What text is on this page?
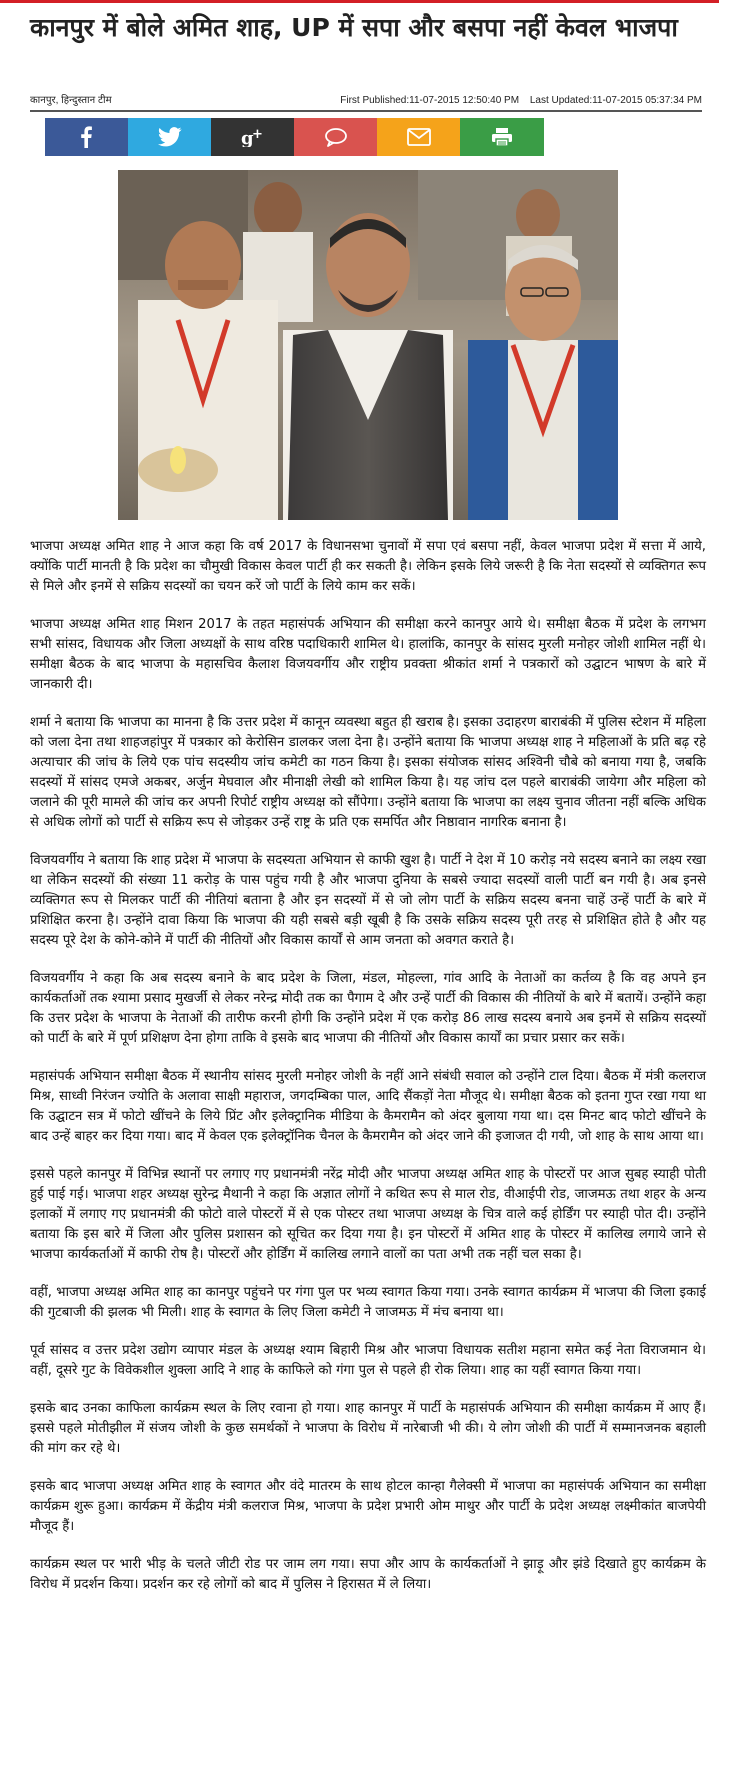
कानपुर में बोले अमित शाह, UP में सपा और बसपा नहीं केवल भाजपा
कानपुर, हिन्दुस्तान टीम	First Published:11-07-2015 12:50:40 PM Last Updated:11-07-2015 05:37:34 PM
g
+

भाजपा अध्यक्ष अमित शाह ने आज कहा कि वर्ष 2017 के विधानसभा चुनावों में सपा एवं बसपा नहीं, केवल भाजपा प्रदेश में सत्ता में आये, क्योंकि पार्टी मानती है कि प्रदेश का चौमुखी विकास केवल पार्टी ही कर सकती है। लेकिन इसके लिये जरूरी है कि नेता सदस्यों से व्यक्तिगत रूप से मिले और इनमें से सक्रिय सदस्यों का चयन करें जो पार्टी के लिये काम कर सकें।

भाजपा अध्यक्ष अमित शाह मिशन 2017 के तहत महासंपर्क अभियान की समीक्षा करने कानपुर आये थे। समीक्षा बैठक में प्रदेश के लगभग सभी सांसद, विधायक और जिला अध्यक्षों के साथ वरिष्ठ पदाधिकारी शामिल थे। हालांकि, कानपुर के सांसद मुरली मनोहर जोशी शामिल नहीं थे। समीक्षा बैठक के बाद भाजपा के महासचिव कैलाश विजयवर्गीय और राष्ट्रीय प्रवक्ता श्रीकांत शर्मा ने पत्रकारों को उद्घाटन भाषण के बारे में जानकारी दी।

शर्मा ने बताया कि भाजपा का मानना है कि उत्तर प्रदेश में कानून व्यवस्था बहुत ही खराब है। इसका उदाहरण बाराबंकी में पुलिस स्टेशन में महिला को जला देना तथा शाहजहांपुर में पत्रकार को केरोसिन डालकर जला देना है। उन्होंने बताया कि भाजपा अध्यक्ष शाह ने महिलाओं के प्रति बढ़ रहे अत्याचार की जांच के लिये एक पांच सदस्यीय जांच कमेटी का गठन किया है। इसका संयोजक सांसद अश्विनी चौबे को बनाया गया है, जबकि सदस्यों में सांसद एमजे अकबर, अर्जुन मेघवाल और मीनाक्षी लेखी को शामिल किया है। यह जांच दल पहले बाराबंकी जायेगा और महिला को जलाने की पूरी मामले की जांच कर अपनी रिपोर्ट राष्ट्रीय अध्यक्ष को सौंपेगा। उन्होंने बताया कि भाजपा का लक्ष्य चुनाव जीतना नहीं बल्कि अधिक से अधिक लोगों को पार्टी से सक्रिय रूप से जोड़कर उन्हें राष्ट्र के प्रति एक समर्पित और निष्ठावान नागरिक बनाना है।

विजयवर्गीय ने बताया कि शाह प्रदेश में भाजपा के सदस्यता अभियान से काफी खुश है। पार्टी ने देश में 10 करोड़ नये सदस्य बनाने का लक्ष्य रखा था लेकिन सदस्यों की संख्या 11 करोड़ के पास पहुंच गयी है और भाजपा दुनिया के सबसे ज्यादा सदस्यों वाली पार्टी बन गयी है। अब इनसे व्यक्तिगत रूप से मिलकर पार्टी की नीतियां बताना है और इन सदस्यों में से जो लोग पार्टी के सक्रिय सदस्य बनना चाहें उन्हें पार्टी के बारे में प्रशिक्षित करना है। उन्होंने दावा किया कि भाजपा की यही सबसे बड़ी खूबी है कि उसके सक्रिय सदस्य पूरी तरह से प्रशिक्षित होते है और यह सदस्य पूरे देश के कोने-कोने में पार्टी की नीतियों और विकास कार्यों से आम जनता को अवगत कराते है।

विजयवर्गीय ने कहा कि अब सदस्य बनाने के बाद प्रदेश के जिला, मंडल, मोहल्ला, गांव आदि के नेताओं का कर्तव्य है कि वह अपने इन कार्यकर्ताओं तक श्यामा प्रसाद मुखर्जी से लेकर नरेन्द्र मोदी तक का पैगाम दे और उन्हें पार्टी की विकास की नीतियों के बारे में बतायें। उन्होंने कहा कि उत्तर प्रदेश के भाजपा के नेताओं की तारीफ करनी होगी कि उन्होंने प्रदेश में एक करोड़ 86 लाख सदस्य बनाये अब इनमें से सक्रिय सदस्यों को पार्टी के बारे में पूर्ण प्रशिक्षण देना होगा ताकि वे इसके बाद भाजपा की नीतियों और विकास कार्यों का प्रचार प्रसार कर सकें।

महासंपर्क अभियान समीक्षा बैठक में स्थानीय सांसद मुरली मनोहर जोशी के नहीं आने संबंधी सवाल को उन्होंने टाल दिया। बैठक में मंत्री कलराज मिश्र, साध्वी निरंजन ज्योति के अलावा साक्षी महाराज, जगदम्बिका पाल, आदि सैंकड़ों नेता मौजूद थे। समीक्षा बैठक को इतना गुप्त रखा गया था कि उद्घाटन सत्र में फोटो खींचने के लिये प्रिंट और इलेक्ट्रानिक मीडिया के कैमरामैन को अंदर बुलाया गया था। दस मिनट बाद फोटो खींचने के बाद उन्हें बाहर कर दिया गया। बाद में केवल एक इलेक्ट्रॉनिक चैनल के कैमरामैन को अंदर जाने की इजाजत दी गयी, जो शाह के साथ आया था।

इससे पहले कानपुर में विभिन्न स्थानों पर लगाए गए प्रधानमंत्री नरेंद्र मोदी और भाजपा अध्यक्ष अमित शाह के पोस्टरों पर आज सुबह स्याही पोती हुई पाई गई। भाजपा शहर अध्यक्ष सुरेन्द्र मैथानी ने कहा कि अज्ञात लोगों ने कथित रूप से माल रोड, वीआईपी रोड, जाजमऊ तथा शहर के अन्य इलाकों में लगाए गए प्रधानमंत्री की फोटो वाले पोस्टरों में से एक पोस्टर तथा भाजपा अध्यक्ष के चित्र वाले कई होर्डिंग पर स्याही पोत दी। उन्होंने बताया कि इस बारे में जिला और पुलिस प्रशासन को सूचित कर दिया गया है। इन पोस्टरों में अमित शाह के पोस्टर में कालिख लगाये जाने से भाजपा कार्यकर्ताओं में काफी रोष है। पोस्टरों और होर्डिंग में कालिख लगाने वालों का पता अभी तक नहीं चल सका है।

वहीं, भाजपा अध्यक्ष अमित शाह का कानपुर पहुंचने पर गंगा पुल पर भव्य स्वागत किया गया। उनके स्वागत कार्यक्रम में भाजपा की जिला इकाई की गुटबाजी की झलक भी मिली। शाह के स्वागत के लिए जिला कमेटी ने जाजमऊ में मंच बनाया था।

पूर्व सांसद व उत्तर प्रदेश उद्योग व्यापार मंडल के अध्यक्ष श्याम बिहारी मिश्र और भाजपा विधायक सतीश महाना समेत कई नेता विराजमान थे। वहीं, दूसरे गुट के विवेकशील शुक्ला आदि ने शाह के काफिले को गंगा पुल से पहले ही रोक लिया। शाह का यहीं स्वागत किया गया।

इसके बाद उनका काफिला कार्यक्रम स्थल के लिए रवाना हो गया। शाह कानपुर में पार्टी के महासंपर्क अभियान की समीक्षा कार्यक्रम में आए हैं। इससे पहले मोतीझील में संजय जोशी के कुछ समर्थकों ने भाजपा के विरोध में नारेबाजी भी की। ये लोग जोशी की पार्टी में सम्मानजनक बहाली की मांग कर रहे थे।

इसके बाद भाजपा अध्यक्ष अमित शाह के स्वागत और वंदे मातरम के साथ होटल कान्हा गैलेक्सी में भाजपा का महासंपर्क अभियान का समीक्षा कार्यक्रम शुरू हुआ। कार्यक्रम में केंद्रीय मंत्री कलराज मिश्र, भाजपा के प्रदेश प्रभारी ओम माथुर और पार्टी के प्रदेश अध्यक्ष लक्ष्मीकांत बाजपेयी मौजूद हैं।

कार्यक्रम स्थल पर भारी भीड़ के चलते जीटी रोड पर जाम लग गया। सपा और आप के कार्यकर्ताओं ने झाड़ू और झंडे दिखाते हुए कार्यक्रम के विरोध में प्रदर्शन किया। प्रदर्शन कर रहे लोगों को बाद में पुलिस ने हिरासत में ले लिया।
